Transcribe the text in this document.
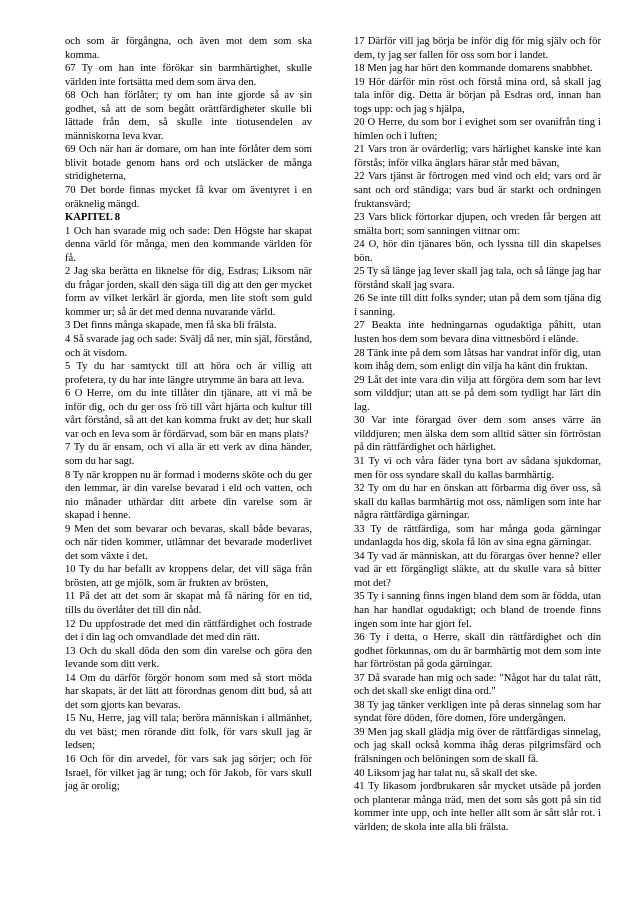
och som är förgångna, och även mot dem som ska komma.

67 Ty om han inte förökar sin barmhärtighet, skulle världen inte fortsätta med dem som ärva den.

68 Och han förlåter; ty om han inte gjorde så av sin godhet, så att de som begått orättfärdigheter skulle bli lättade från dem, så skulle inte tiotusendelen av människorna leva kvar.

69 Och när han är domare, om han inte förlåter dem som blivit botade genom hans ord och utsläcker de många stridigheterna,

70 Det borde finnas mycket få kvar om äventyret i en oräknelig mängd.

KAPITEL 8

1 Och han svarade mig och sade: Den Högste har skapat denna värld för många, men den kommande världen för få.

2 Jag ska berätta en liknelse för dig, Esdras; Liksom när du frågar jorden, skall den säga till dig att den ger mycket form av vilket lerkärl är gjorda, men lite stoft som guld kommer ur; så är det med denna nuvarande värld.

3 Det finns många skapade, men få ska bli frälsta.

4 Så svarade jag och sade: Svälj då ner, min själ, förstånd, och ät visdom.

5 Ty du har samtyckt till att höra och är villig att profetera, ty du har inte längre utrymme än bara att leva.

6 O Herre, om du inte tillåter din tjänare, att vi må be inför dig, och du ger oss frö till vårt hjärta och kultur till vårt förstånd, så att det kan komma frukt av det; hur skall var och en leva som är fördärvad, som bär en mans plats?

7 Ty du är ensam, och vi alla är ett verk av dina händer, som du har sagt.

8 Ty när kroppen nu är formad i moderns sköte och du ger den lemmar, är din varelse bevarad i eld och vatten, och nio månader uthärdar ditt arbete din varelse som är skapad i henne.

9 Men det som bevarar och bevaras, skall både bevaras, och när tiden kommer, utlämnar det bevarade moderlivet det som växte i det.

10 Ty du har befallt av kroppens delar, det vill säga från brösten, att ge mjölk, som är frukten av brösten,

11 På det att det som är skapat må få näring för en tid, tills du överlåter det till din nåd.

12 Du uppfostrade det med din rättfärdighet och fostrade det i din lag och omvandlade det med din rätt.

13 Och du skall döda den som din varelse och göra den levande som ditt verk.

14 Om du därför förgör honom som med så stort möda har skapats, är det lätt att förordnas genom ditt bud, så att det som gjorts kan bevaras.

15 Nu, Herre, jag vill tala; beröra människan i allmänhet, du vet bäst; men rörande ditt folk, för vars skull jag är ledsen;

16 Och för din arvedel, för vars sak jag sörjer; och för Israel, för vilket jag är tung; och för Jakob, för vars skull jag är orolig;

17 Därför vill jag börja be inför dig för mig själv och för dem, ty jag ser fallen för oss som bor i landet.

18 Men jag har hört den kommande domarens snabbhet.

19 Hör därför min röst och förstå mina ord, så skall jag tala inför dig. Detta är början på Esdras ord, innan han togs upp: och jag s hjälpa,

20 O Herre, du som bor i evighet som ser ovanifrån ting i himlen och i luften;

21 Vars tron är ovärderlig; vars härlighet kanske inte kan förstås; inför vilka änglars härar står med bävan,

22 Vars tjänst är förtrogen med vind och eld; vars ord är sant och ord ständiga; vars bud är starkt och ordningen fruktansvärd;

23 Vars blick förtorkar djupen, och vreden får bergen att smälta bort; som sanningen vittnar om:

24 O, hör din tjänares bön, och lyssna till din skapelses bön.

25 Ty så länge jag lever skall jag tala, och så länge jag har förstånd skall jag svara.

26 Se inte till ditt folks synder; utan på dem som tjäna dig i sanning.

27 Beakta inte hedningarnas ogudaktiga påhitt, utan lusten hos dem som bevara dina vittnesbörd i elände.

28 Tänk inte på dem som låtsas har vandrat inför dig, utan kom ihåg dem, som enligt din vilja ha känt din fruktan.

29 Låt det inte vara din vilja att förgöra dem som har levt som vilddjur; utan att se på dem som tydligt har lärt din lag.

30 Var inte förargad över dem som anses värre än vilddjuren; men älska dem som alltid sätter sin förtröstan på din rättfärdighet och härlighet.

31 Ty vi och våra fäder tyna bort av sådana sjukdomar, men för oss syndare skall du kallas barmhärtig.

32 Ty om du har en önskan att förbarma dig över oss, så skall du kallas barmhärtig mot oss, nämligen som inte har några rättfärdiga gärningar.

33 Ty de rättfärdiga, som har många goda gärningar undanlagda hos dig, skola få lön av sina egna gärningar.

34 Ty vad är människan, att du förargas över henne? eller vad är ett förgängligt släkte, att du skulle vara så bitter mot det?

35 Ty i sanning finns ingen bland dem som är födda, utan han har handlat ogudaktigt; och bland de troende finns ingen som inte har gjort fel.

36 Ty i detta, o Herre, skall din rättfärdighet och din godhet förkunnas, om du är barmhärtig mot dem som inte har förtröstan på goda gärningar.

37 Då svarade han mig och sade: "Något har du talat rätt, och det skall ske enligt dina ord."

38 Ty jag tänker verkligen inte på deras sinnelag som har syndat före döden, före domen, före undergången.

39 Men jag skall glädja mig över de rättfärdigas sinnelag, och jag skall också komma ihåg deras pilgrimsfärd och frälsningen och belöningen som de skall få.

40 Liksom jag har talat nu, så skall det ske.

41 Ty likasom jordbrukaren sår mycket utsäde på jorden och planterar många träd, men det som sås gott på sin tid kommer inte upp, och inte heller allt som är sått slår rot. i världen; de skola inte alla bli frälsta.
